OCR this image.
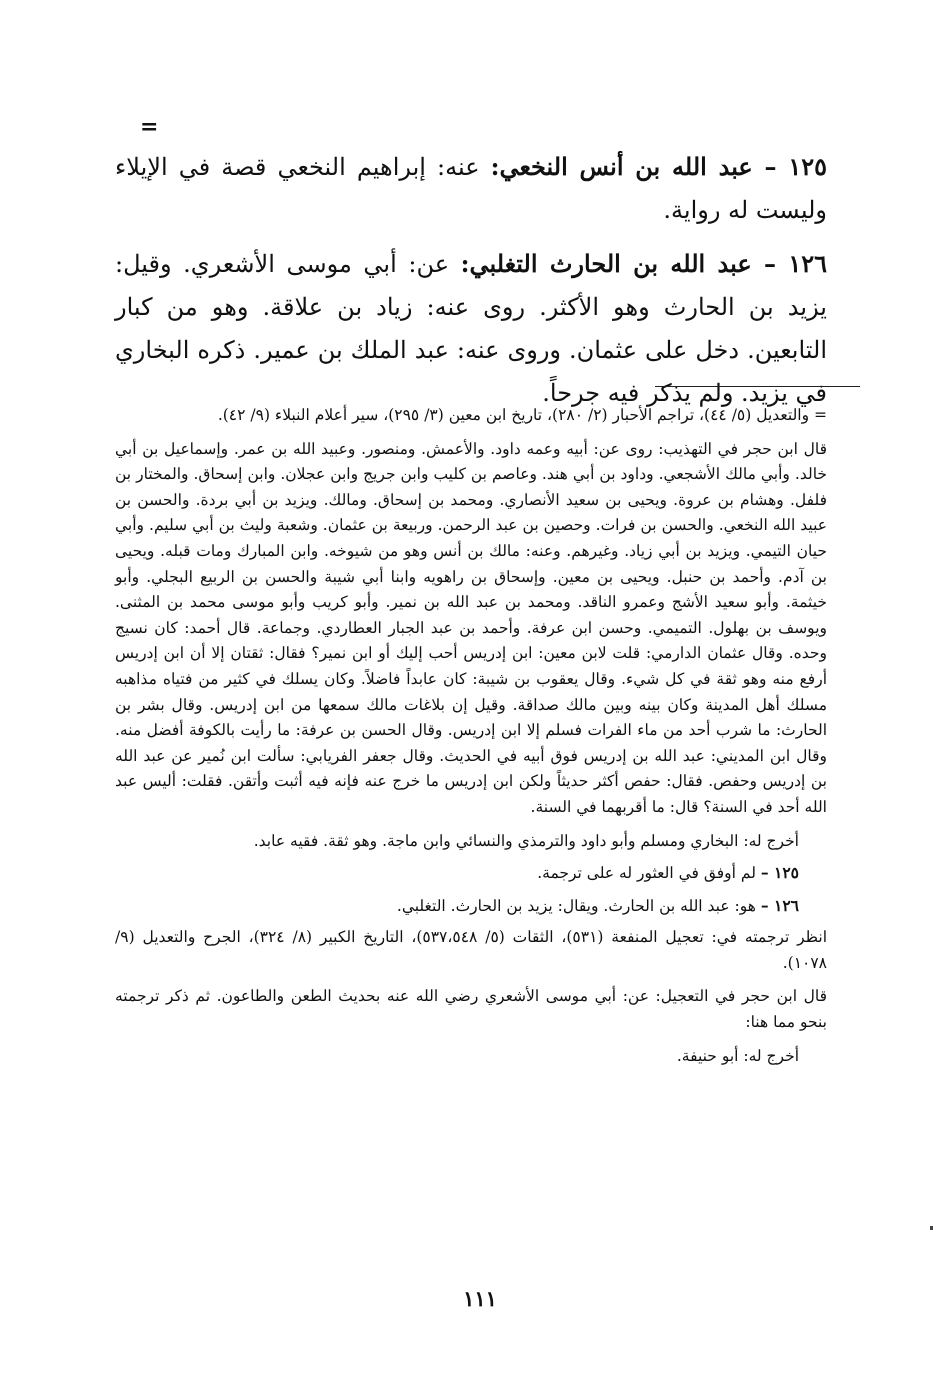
=

١٢٥ – عبد الله بن أنس النخعي: عنه: إبراهيم النخعي قصة في الإيلاء وليست له رواية.

١٢٦ – عبد الله بن الحارث التغلبي: عن: أبي موسى الأشعري. وقيل: يزيد بن الحارث وهو الأكثر. روى عنه: زياد بن علاقة. وهو من كبار التابعين. دخل على عثمان. وروى عنه: عبد الملك بن عمير. ذكره البخاري في يزيد. ولم يذكر فيه جرحاً.

= والتعديل (٥/ ٤٤)، تراجم الأحبار (٢/ ٢٨٠)، تاريخ ابن معين (٣/ ٢٩٥)، سير أعلام النبلاء (٩/ ٤٢).

قال ابن حجر في التهذيب: روى عن: أبيه وعمه داود. والأعمش. ومنصور. وعبيد الله بن عمر. وإسماعيل بن أبي خالد. وأبي مالك الأشجعي. وداود بن أبي هند. وعاصم بن كليب وابن جريج وابن عجلان. وابن إسحاق. والمختار بن فلفل. وهشام بن عروة. ويحيى بن سعيد الأنصاري. ومحمد بن إسحاق. ومالك. ويزيد بن أبي بردة. والحسن بن عبيد الله النخعي. والحسن بن فرات. وحصين بن عبد الرحمن. وربيعة بن عثمان. وشعبة وليث بن أبي سليم. وأبي حيان التيمي. ويزيد بن أبي زياد. وغيرهم. وعنه: مالك بن أنس وهو من شيوخه. وابن المبارك ومات قبله. ويحيى بن آدم. وأحمد بن حنبل. ويحيى بن معين. وإسحاق بن راهويه وابنا أبي شيبة والحسن بن الربيع البجلي. وأبو خيثمة. وأبو سعيد الأشج وعمرو الناقد. ومحمد بن عبد الله بن نمير. وأبو كريب وأبو موسى محمد بن المثنى. ويوسف بن بهلول. التميمي. وحسن ابن عرفة. وأحمد بن عبد الجبار العطاردي. وجماعة. قال أحمد: كان نسيج وحده. وقال عثمان الدارمي: قلت لابن معين: ابن إدريس أحب إليك أو ابن نمير؟ فقال: ثقتان إلا أن ابن إدريس أرفع منه وهو ثقة في كل شيء. وقال يعقوب بن شيبة: كان عابداً فاضلاً. وكان يسلك في كثير من فتياه مذاهبه مسلك أهل المدينة وكان بينه وبين مالك صداقة. وقيل إن بلاغات مالك سمعها من ابن إدريس. وقال بشر بن الحارث: ما شرب أحد من ماء الفرات فسلم إلا ابن إدريس. وقال الحسن بن عرفة: ما رأيت بالكوفة أفضل منه. وقال ابن المديني: عبد الله بن إدريس فوق أبيه في الحديث. وقال جعفر الفريابي: سألت ابن نُمير عن عبد الله بن إدريس وحفص. فقال: حفص أكثر حديثاً ولكن ابن إدريس ما خرج عنه فإنه فيه أثبت وأتقن. فقلت: أليس عبد الله أحد في السنة؟ قال: ما أقربهما في السنة.

أخرج له: البخاري ومسلم وأبو داود والترمذي والنسائي وابن ماجة. وهو ثقة. فقيه عابد.

١٢٥ – لم أوفق في العثور له على ترجمة.

١٢٦ – هو: عبد الله بن الحارث. ويقال: يزيد بن الحارث. التغلبي.

انظر ترجمته في: تعجيل المنفعة (٥٣١)، الثقات (٥/ ٥٣٧،٥٤٨)، التاريخ الكبير (٨/ ٣٢٤)، الجرح والتعديل (٩/ ١٠٧٨).

قال ابن حجر في التعجيل: عن: أبي موسى الأشعري رضي الله عنه بحديث الطعن والطاعون. ثم ذكر ترجمته بنحو مما هنا:

أخرج له: أبو حنيفة.

١١١
